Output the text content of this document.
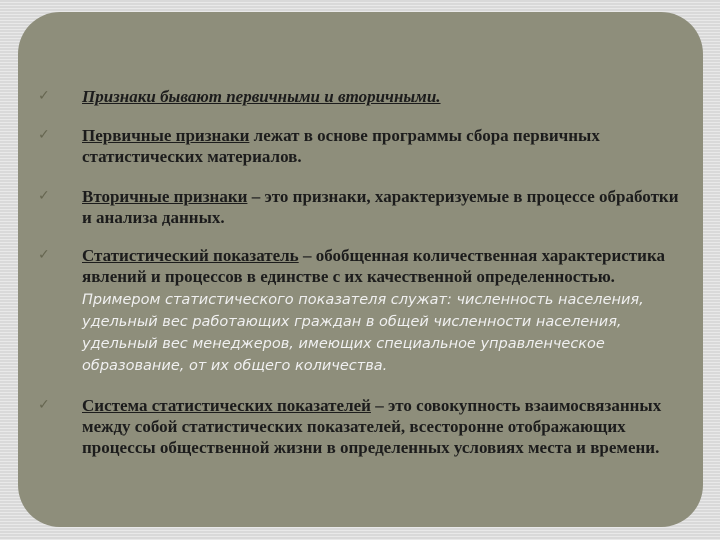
✓ Признаки бывают первичными и вторичными.
✓ Первичные признаки лежат в основе программы сбора первичных статистических материалов.
✓ Вторичные признаки – это признаки, характеризуемые в процессе обработки и анализа данных.
✓ Статистический показатель – обобщенная количественная характеристика явлений и процессов в единстве с их качественной определенностью. Примером статистического показателя служат: численность населения, удельный вес работающих граждан в общей численности населения, удельный вес менеджеров, имеющих специальное управленческое образование, от их общего количества.
✓ Система статистических показателей – это совокупность взаимосвязанных между собой статистических показателей, всесторонне отображающих процессы общественной жизни в определенных условиях места и времени.
